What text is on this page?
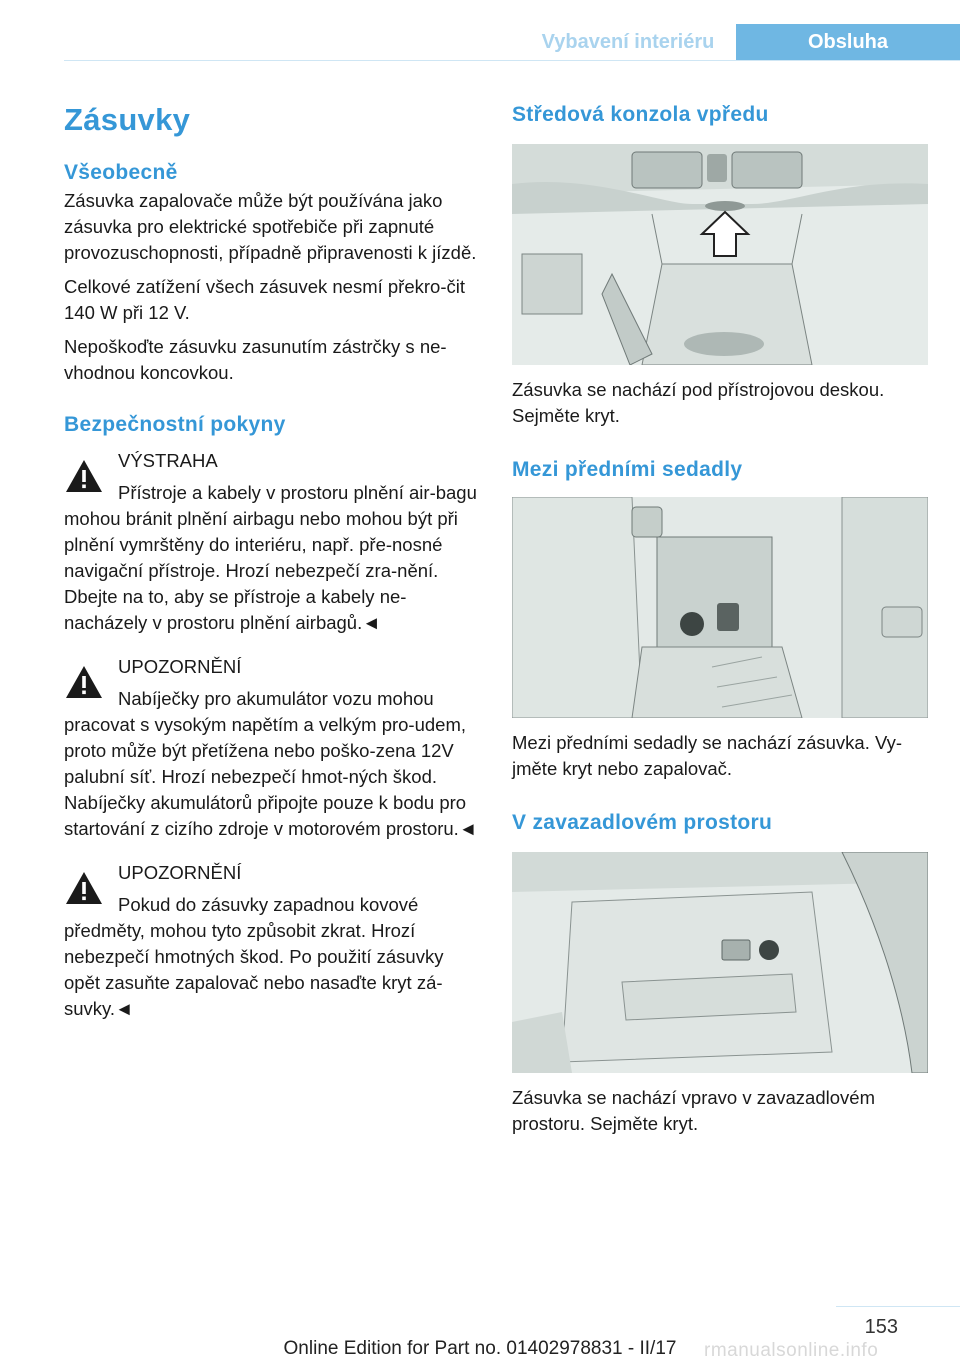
Vybavení interiéru	Obsluha
Zásuvky
Všeobecně

Zásuvka zapalovače může být používána jako zásuvka pro elektrické spotřebiče při zapnuté provozuschopnosti, případně připravenosti k jízdě.

Celkové zatížení všech zásuvek nesmí překro‐čit 140 W při 12 V.

Nepoškoďte zásuvku zasunutím zástrčky s ne‐vhodnou koncovkou.

Bezpečnostní pokyny

VÝSTRAHA

Přístroje a kabely v prostoru plnění air‐bagu mohou bránit plnění airbagu nebo mohou být při plnění vymrštěny do interiéru, např. pře‐nosné navigační přístroje. Hrozí nebezpečí zra‐nění. Dbejte na to, aby se přístroje a kabely ne‐nacházely v prostoru plnění airbagů.◄

UPOZORNĚNÍ

Nabíječky pro akumulátor vozu mohou pracovat s vysokým napětím a velkým pro‐udem, proto může být přetížena nebo poško‐zena 12V palubní síť. Hrozí nebezpečí hmot‐ných škod. Nabíječky akumulátorů připojte pouze k bodu pro startování z cizího zdroje v motorovém prostoru.◄

UPOZORNĚNÍ

Pokud do zásuvky zapadnou kovové předměty, mohou tyto způsobit zkrat. Hrozí nebezpečí hmotných škod. Po použití zásuvky opět zasuňte zapalovač nebo nasaďte kryt zá‐suvky.◄

Středová konzola vpředu

Zásuvka se nachází pod přístrojovou deskou. Sejměte kryt.

Mezi předními sedadly

Mezi předními sedadly se nachází zásuvka. Vy‐jměte kryt nebo zapalovač.

V zavazadlovém prostoru

Zásuvka se nachází vpravo v zavazadlovém prostoru. Sejměte kryt.

153
rmanualsonline.info
Online Edition for Part no. 01402978831 - II/17
